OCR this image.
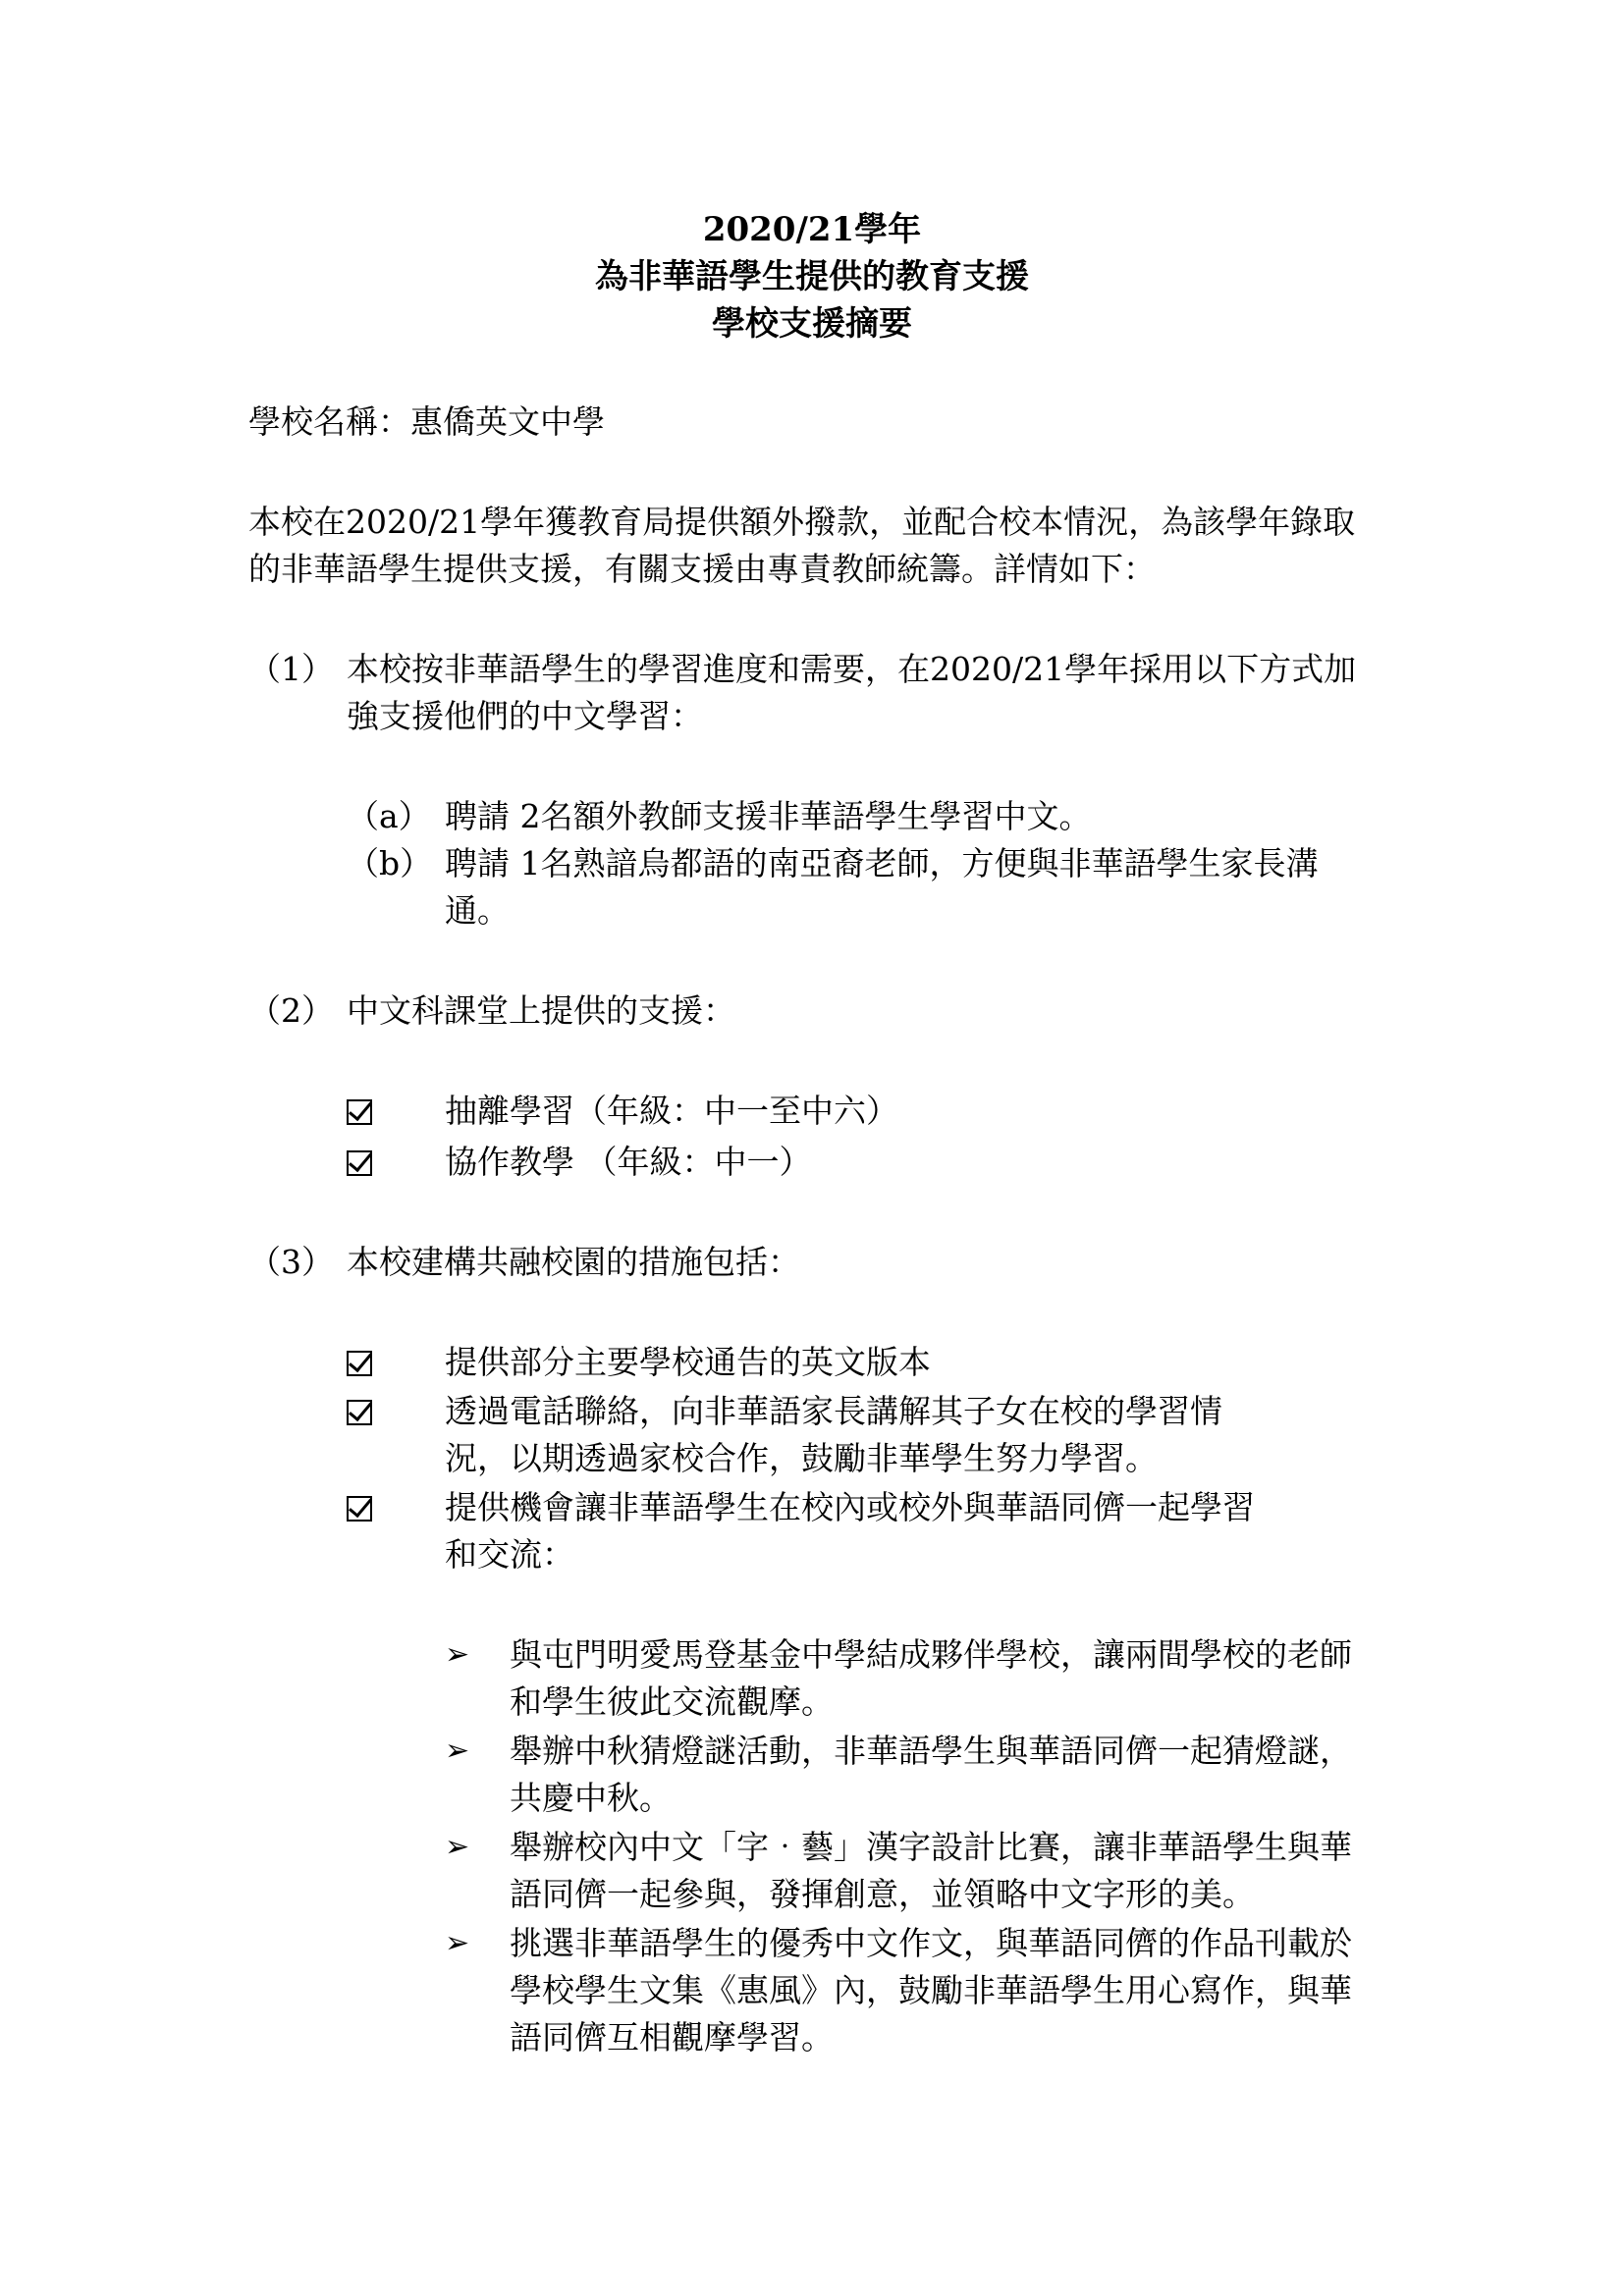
2020/21學年
為非華語學生提供的教育支援
學校支援摘要
學校名稱：惠僑英文中學
本校在2020/21學年獲教育局提供額外撥款，並配合校本情況，為該學年錄取
的非華語學生提供支援，有關支援由專責教師統籌。詳情如下：
（1） 本校按非華語學生的學習進度和需要，在2020/21學年採用以下方式加
強支援他們的中文學習：
（a） 聘請 2名額外教師支援非華語學生學習中文。
（b） 聘請 1名熟諳烏都語的南亞裔老師，方便與非華語學生家長溝
通。
（2） 中文科課堂上提供的支援：
抽離學習（年級：中一至中六）
協作教學 （年級：中一）
（3） 本校建構共融校園的措施包括：
提供部分主要學校通告的英文版本
透過電話聯絡，向非華語家長講解其子女在校的學習情
況，以期透過家校合作，鼓勵非華學生努力學習。
提供機會讓非華語學生在校內或校外與華語同儕一起學習
和交流：
➢ 與屯門明愛馬登基金中學結成夥伴學校，讓兩間學校的老師
和學生彼此交流觀摩。
➢ 舉辦中秋猜燈謎活動，非華語學生與華語同儕一起猜燈謎，
共慶中秋。
➢ 舉辦校內中文「字‧藝」漢字設計比賽，讓非華語學生與華
語同儕一起參與，發揮創意，並領略中文字形的美。
➢ 挑選非華語學生的優秀中文作文，與華語同儕的作品刊載於
學校學生文集《惠風》內，鼓勵非華語學生用心寫作，與華
語同儕互相觀摩學習。
